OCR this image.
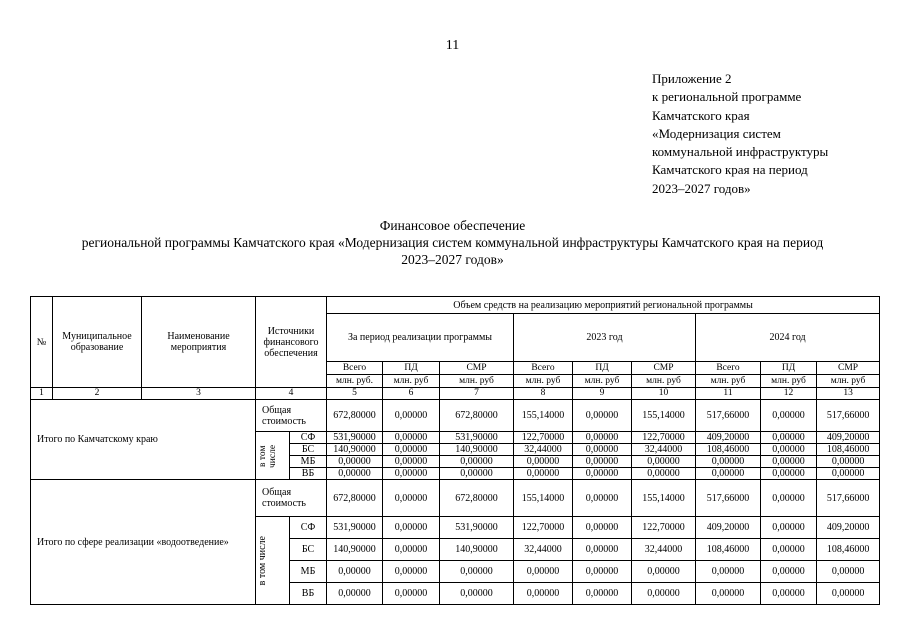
11
Приложение 2
к региональной программе
Камчатского края
«Модернизация систем
коммунальной инфраструктуры
Камчатского края на период
2023–2027 годов»
Финансовое обеспечение
региональной программы Камчатского края «Модернизация систем коммунальной инфраструктуры Камчатского края на период
2023–2027 годов»
№	Муниципальное образование	Наименование мероприятия	Источники финансового обеспечения		Объем средств на реализацию мероприятий региональной программы								
					За период реализации программы			2023 год			2024 год		
					Всего	ПД	СМР	Всего	ПД	СМР	Всего	ПД	СМР
					млн. руб.	млн. руб	млн. руб	млн. руб	млн. руб	млн. руб	млн. руб	млн. руб	млн. руб
1	2	3	4		5	6	7	8	9	10	11	12	13
Итого по Камчатскому краю			Общая стоимость		672,80000	0,00000	672,80000	155,14000	0,00000	155,14000	517,66000	0,00000	517,66000

			в том числе	СФ	531,90000	0,00000	531,90000	122,70000	0,00000	122,70000	409,20000	0,00000	409,20000
				БС	140,90000	0,00000	140,90000	32,44000	0,00000	32,44000	108,46000	0,00000	108,46000
				МБ	0,00000	0,00000	0,00000	0,00000	0,00000	0,00000	0,00000	0,00000	0,00000
				ВБ	0,00000	0,00000	0,00000	0,00000	0,00000	0,00000	0,00000	0,00000	0,00000
Итого по сфере реализации «водоотведение»			Общая стоимость		672,80000	0,00000	672,80000	155,14000	0,00000	155,14000	517,66000	0,00000	517,66000

			в том числе	СФ	531,90000	0,00000	531,90000	122,70000	0,00000	122,70000	409,20000	0,00000	409,20000
				БС	140,90000	0,00000	140,90000	32,44000	0,00000	32,44000	108,46000	0,00000	108,46000
				МБ	0,00000	0,00000	0,00000	0,00000	0,00000	0,00000	0,00000	0,00000	0,00000
				ВБ	0,00000	0,00000	0,00000	0,00000	0,00000	0,00000	0,00000	0,00000	0,00000
